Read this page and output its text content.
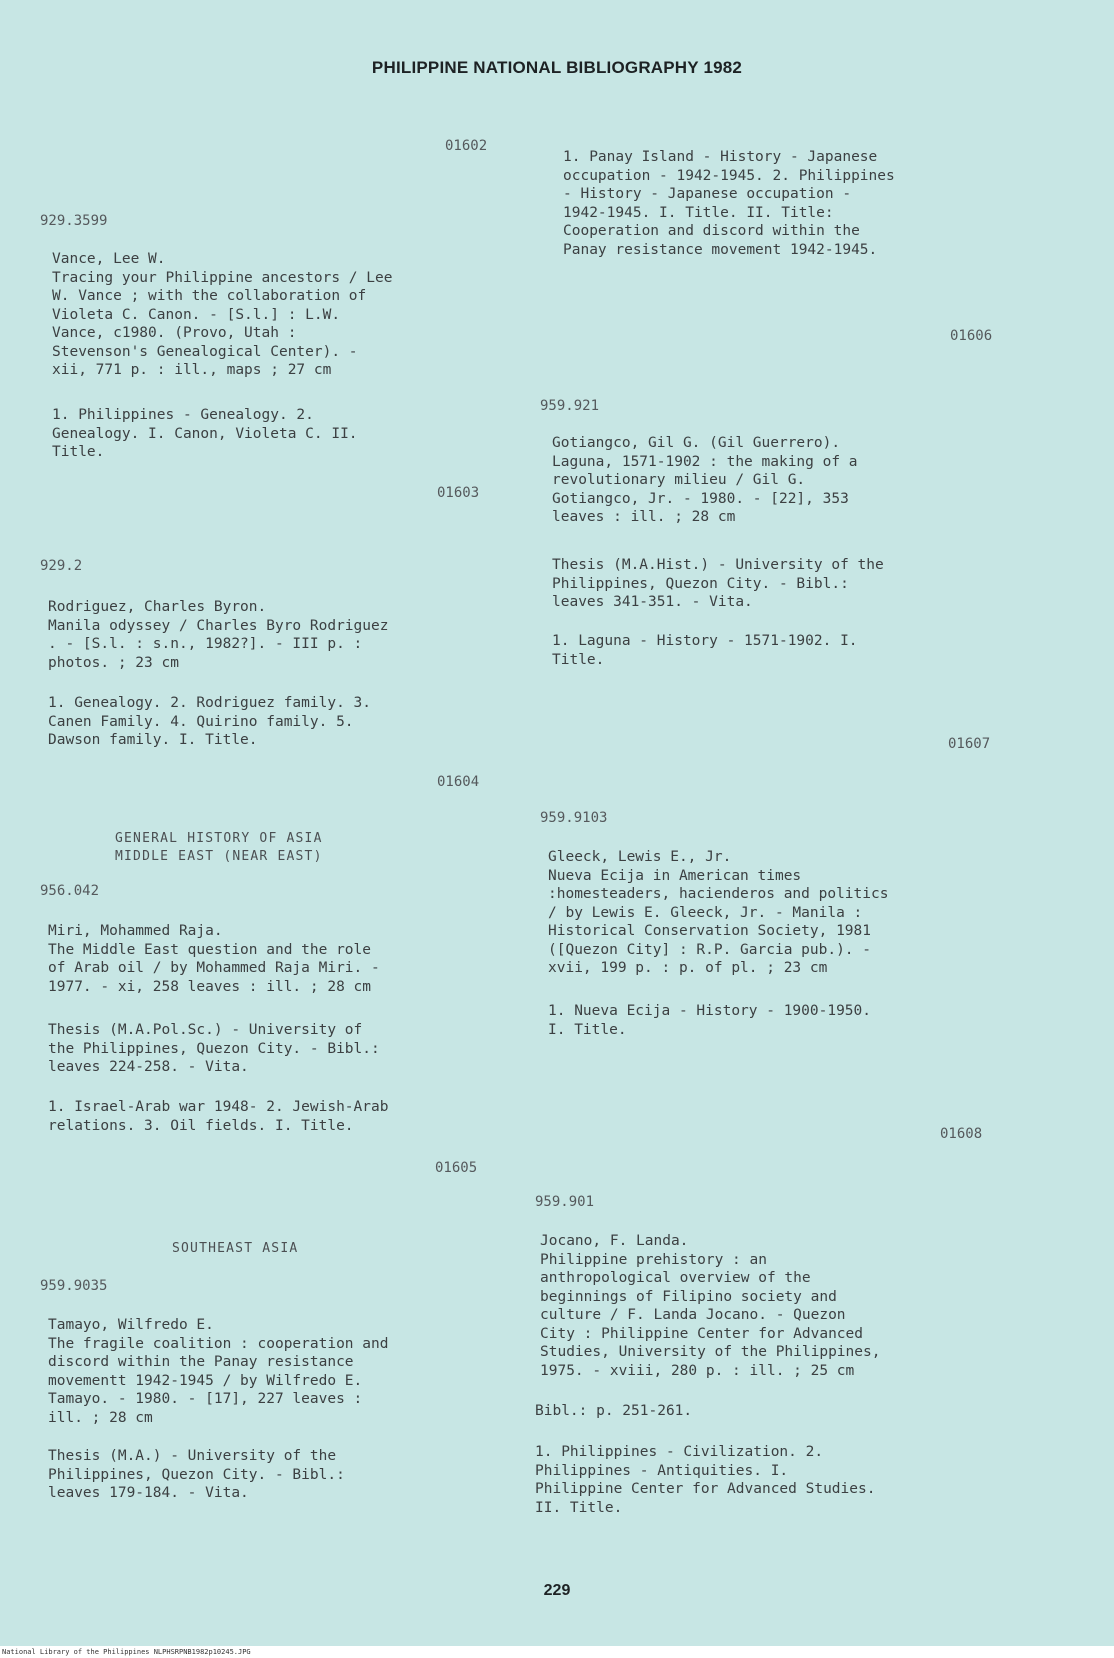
PHILIPPINE NATIONAL BIBLIOGRAPHY 1982
01602
929.3599
Vance, Lee W.
Tracing your Philippine ancestors / Lee
W. Vance ; with the collaboration of
Violeta C. Canon. - [S.l.] : L.W.
Vance, c1980. (Provo, Utah :
Stevenson's Genealogical Center). -
xii, 771 p. : ill., maps ; 27 cm
1. Philippines - Genealogy. 2.
Genealogy. I. Canon, Violeta C. II.
Title.
01603
929.2
Rodriguez, Charles Byron.
Manila odyssey / Charles Byro Rodriguez
. - [S.l. : s.n., 1982?]. - III p. :
photos. ; 23 cm
1. Genealogy. 2. Rodriguez family. 3.
Canen Family. 4. Quirino family. 5.
Dawson family. I. Title.
01604
GENERAL HISTORY OF ASIA
MIDDLE EAST (NEAR EAST)
956.042
Miri, Mohammed Raja.
The Middle East question and the role
of Arab oil / by Mohammed Raja Miri. -
1977. - xi, 258 leaves : ill. ; 28 cm
Thesis (M.A.Pol.Sc.) - University of
the Philippines, Quezon City. - Bibl.:
leaves 224-258. - Vita.
1. Israel-Arab war 1948- 2. Jewish-Arab
relations. 3. Oil fields. I. Title.
01605
SOUTHEAST ASIA
959.9035
Tamayo, Wilfredo E.
The fragile coalition : cooperation and
discord within the Panay resistance
movementt 1942-1945 / by Wilfredo E.
Tamayo. - 1980. - [17], 227 leaves :
ill. ; 28 cm
Thesis (M.A.) - University of the
Philippines, Quezon City. - Bibl.:
leaves 179-184. - Vita.
1. Panay Island - History - Japanese
occupation - 1942-1945. 2. Philippines
- History - Japanese occupation -
1942-1945. I. Title. II. Title:
Cooperation and discord within the
Panay resistance movement 1942-1945.
01606
959.921
Gotiangco, Gil G. (Gil Guerrero).
Laguna, 1571-1902 : the making of a
revolutionary milieu / Gil G.
Gotiangco, Jr. - 1980. - [22], 353
leaves : ill. ; 28 cm
Thesis (M.A.Hist.) - University of the
Philippines, Quezon City. - Bibl.:
leaves 341-351. - Vita.
1. Laguna - History - 1571-1902. I.
Title.
01607
959.9103
Gleeck, Lewis E., Jr.
Nueva Ecija in American times
:homesteaders, hacienderos and politics
/ by Lewis E. Gleeck, Jr. - Manila :
Historical Conservation Society, 1981
([Quezon City] : R.P. Garcia pub.). -
xvii, 199 p. : p. of pl. ; 23 cm
1. Nueva Ecija - History - 1900-1950.
I. Title.
01608
959.901
Jocano, F. Landa.
Philippine prehistory : an
anthropological overview of the
beginnings of Filipino society and
culture / F. Landa Jocano. - Quezon
City : Philippine Center for Advanced
Studies, University of the Philippines,
1975. - xviii, 280 p. : ill. ; 25 cm
Bibl.: p. 251-261.
1. Philippines - Civilization. 2.
Philippines - Antiquities. I.
Philippine Center for Advanced Studies.
II. Title.
229
National Library of the Philippines NLPHSRPNB1982p10245.JPG
